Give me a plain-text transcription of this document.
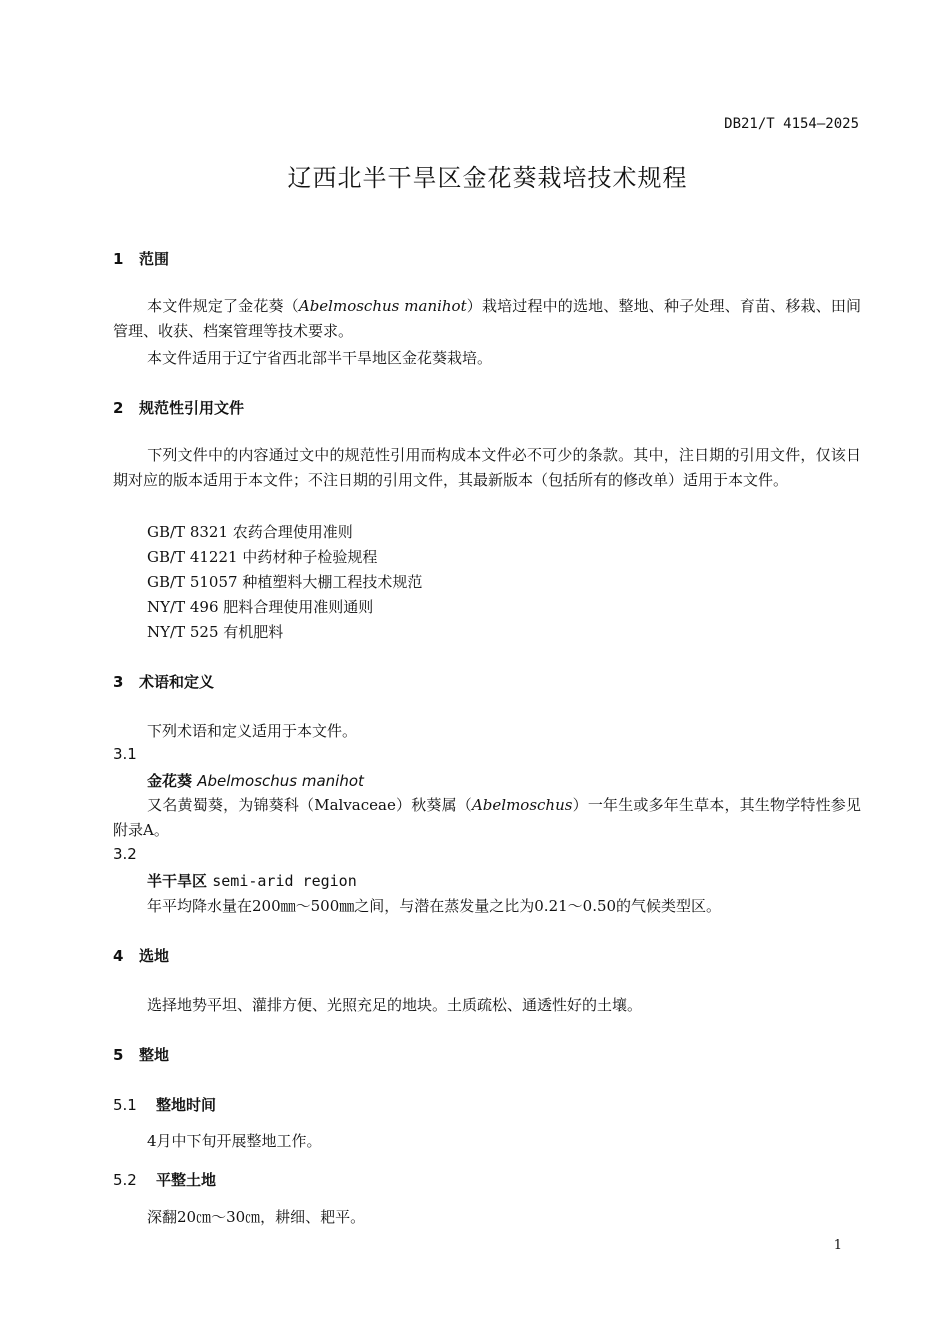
DB21/T 4154—2025
辽西北半干旱区金花葵栽培技术规程
1 范围
本文件规定了金花葵（Abelmoschus manihot）栽培过程中的选地、整地、种子处理、育苗、移栽、田间管理、收获、档案管理等技术要求。
本文件适用于辽宁省西北部半干旱地区金花葵栽培。
2 规范性引用文件
下列文件中的内容通过文中的规范性引用而构成本文件必不可少的条款。其中，注日期的引用文件，仅该日期对应的版本适用于本文件；不注日期的引用文件，其最新版本（包括所有的修改单）适用于本文件。
GB/T 8321 农药合理使用准则
GB/T 41221 中药材种子检验规程
GB/T 51057 种植塑料大棚工程技术规范
NY/T 496 肥料合理使用准则通则
NY/T 525 有机肥料
3 术语和定义
下列术语和定义适用于本文件。
3.1
金花葵 Abelmoschus manihot
又名黄蜀葵，为锦葵科（Malvaceae）秋葵属（Abelmoschus）一年生或多年生草本，其生物学特性参见附录A。
3.2
半干旱区 semi-arid region
年平均降水量在200㎜～500㎜之间，与潜在蒸发量之比为0.21～0.50的气候类型区。
4 选地
选择地势平坦、灌排方便、光照充足的地块。土质疏松、通透性好的土壤。
5 整地
5.1 整地时间
4月中下旬开展整地工作。
5.2 平整土地
深翻20㎝～30㎝，耕细、耙平。
1
